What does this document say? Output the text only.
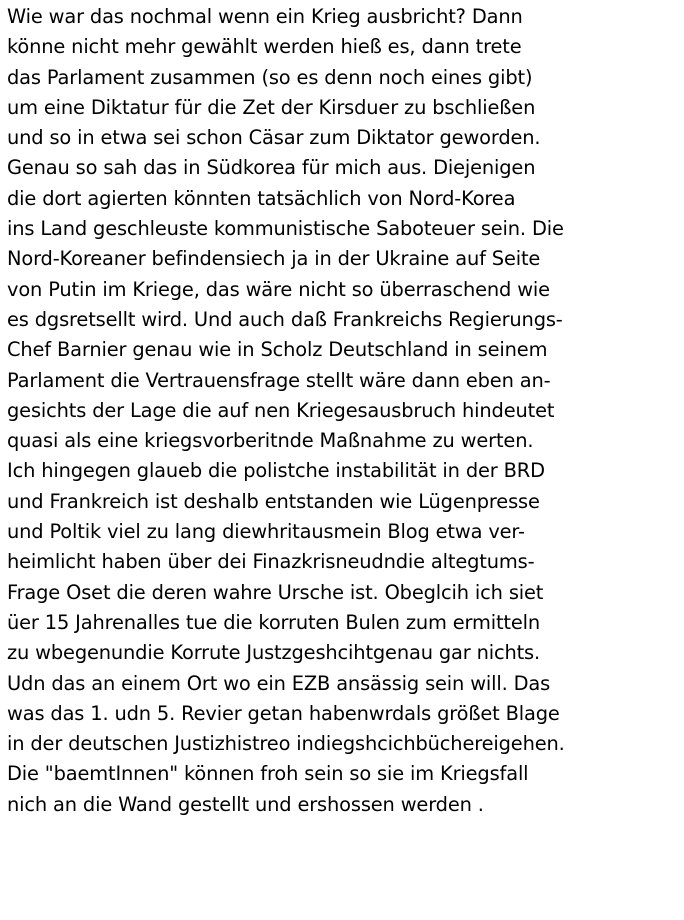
Wie war das nochmal wenn ein Krieg ausbricht? Dann
könne nicht mehr gewählt werden hieß es, dann trete
das Parlament zusammen (so es denn noch eines gibt)
um eine Diktatur für die Zet der Kirsduer zu bschließen
und so in etwa sei schon Cäsar zum Diktator geworden.
Genau so sah das in Südkorea für mich aus. Diejenigen
die dort agierten könnten tatsächlich von Nord-Korea
ins Land geschleuste kommunistische Saboteuer sein. Die
Nord-Koreaner befindensiech ja in der Ukraine auf Seite
von Putin im Kriege, das wäre nicht so überraschend wie
es dgsretsellt wird. Und auch daß Frankreichs Regierungs-
Chef Barnier genau wie in Scholz Deutschland in seinem
Parlament die Vertrauensfrage stellt wäre dann eben an-
gesichts der Lage die auf nen Kriegesausbruch hindeutet
quasi als eine kriegsvorberitnde Maßnahme zu werten.
Ich hingegen glaueb die polistche instabilität in der BRD
und Frankreich ist deshalb entstanden wie Lügenpresse
und Poltik viel zu lang diewhritausmein Blog etwa ver-
heimlicht haben über dei Finazkrisneudndie altegtums-
Frage Oset die deren wahre Ursche ist. Obeglcih ich siet
üer 15 Jahrenalles tue die korruten Bulen zum ermitteln
zu wbegenundie Korrute Justzgeshcihtgenau gar nichts.
Udn das an einem Ort wo ein EZB ansässig sein will. Das
was das 1. udn 5. Revier getan habenwrdals größet Blage
in der deutschen Justizhistreo indiegshcichbüchereigehen.
Die "baemtInnen" können froh sein so sie im Kriegsfall
nich an die Wand gestellt und ershossen werden .
